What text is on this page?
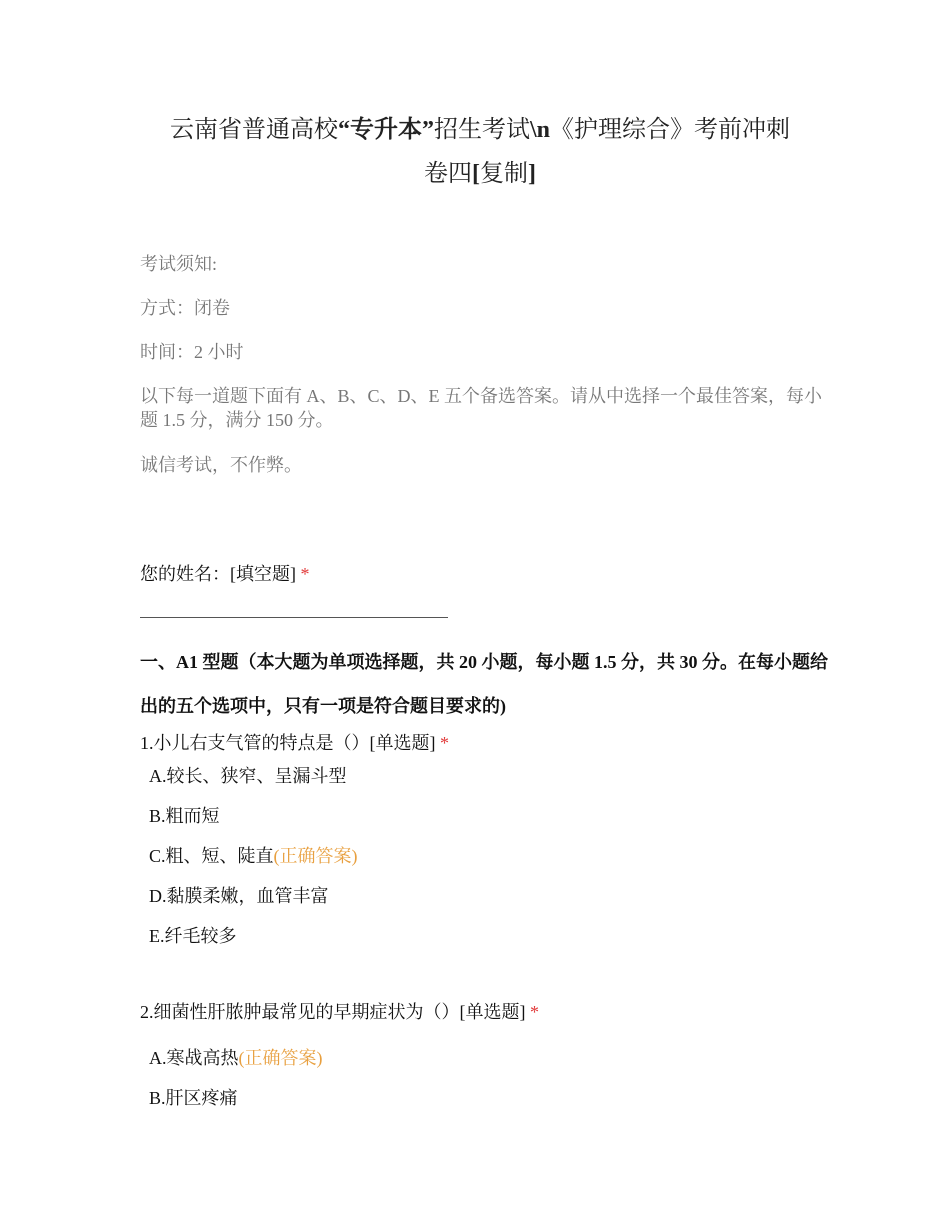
云南省普通高校“专升本”招生考试\n《护理综合》考前冲刺
卷四[复制]
考试须知:
方式：闭卷
时间：2 小时
以下每一道题下面有 A、B、C、D、E 五个备选答案。请从中选择一个最佳答案，每小题 1.5 分，满分 150 分。
诚信考试，不作弊。
您的姓名：[填空题] *
一、A1 型题（本大题为单项选择题，共 20 小题，每小题 1.5 分，共 30 分。在每小题给出的五个选项中，只有一项是符合题目要求的)
1.小儿右支气管的特点是（）[单选题] *
A.较长、狭窄、呈漏斗型
B.粗而短
C.粗、短、陡直(正确答案)
D.黏膜柔嫩，血管丰富
E.纤毛较多
2.细菌性肝脓肿最常见的早期症状为（）[单选题] *
A.寒战高热(正确答案)
B.肝区疼痛
